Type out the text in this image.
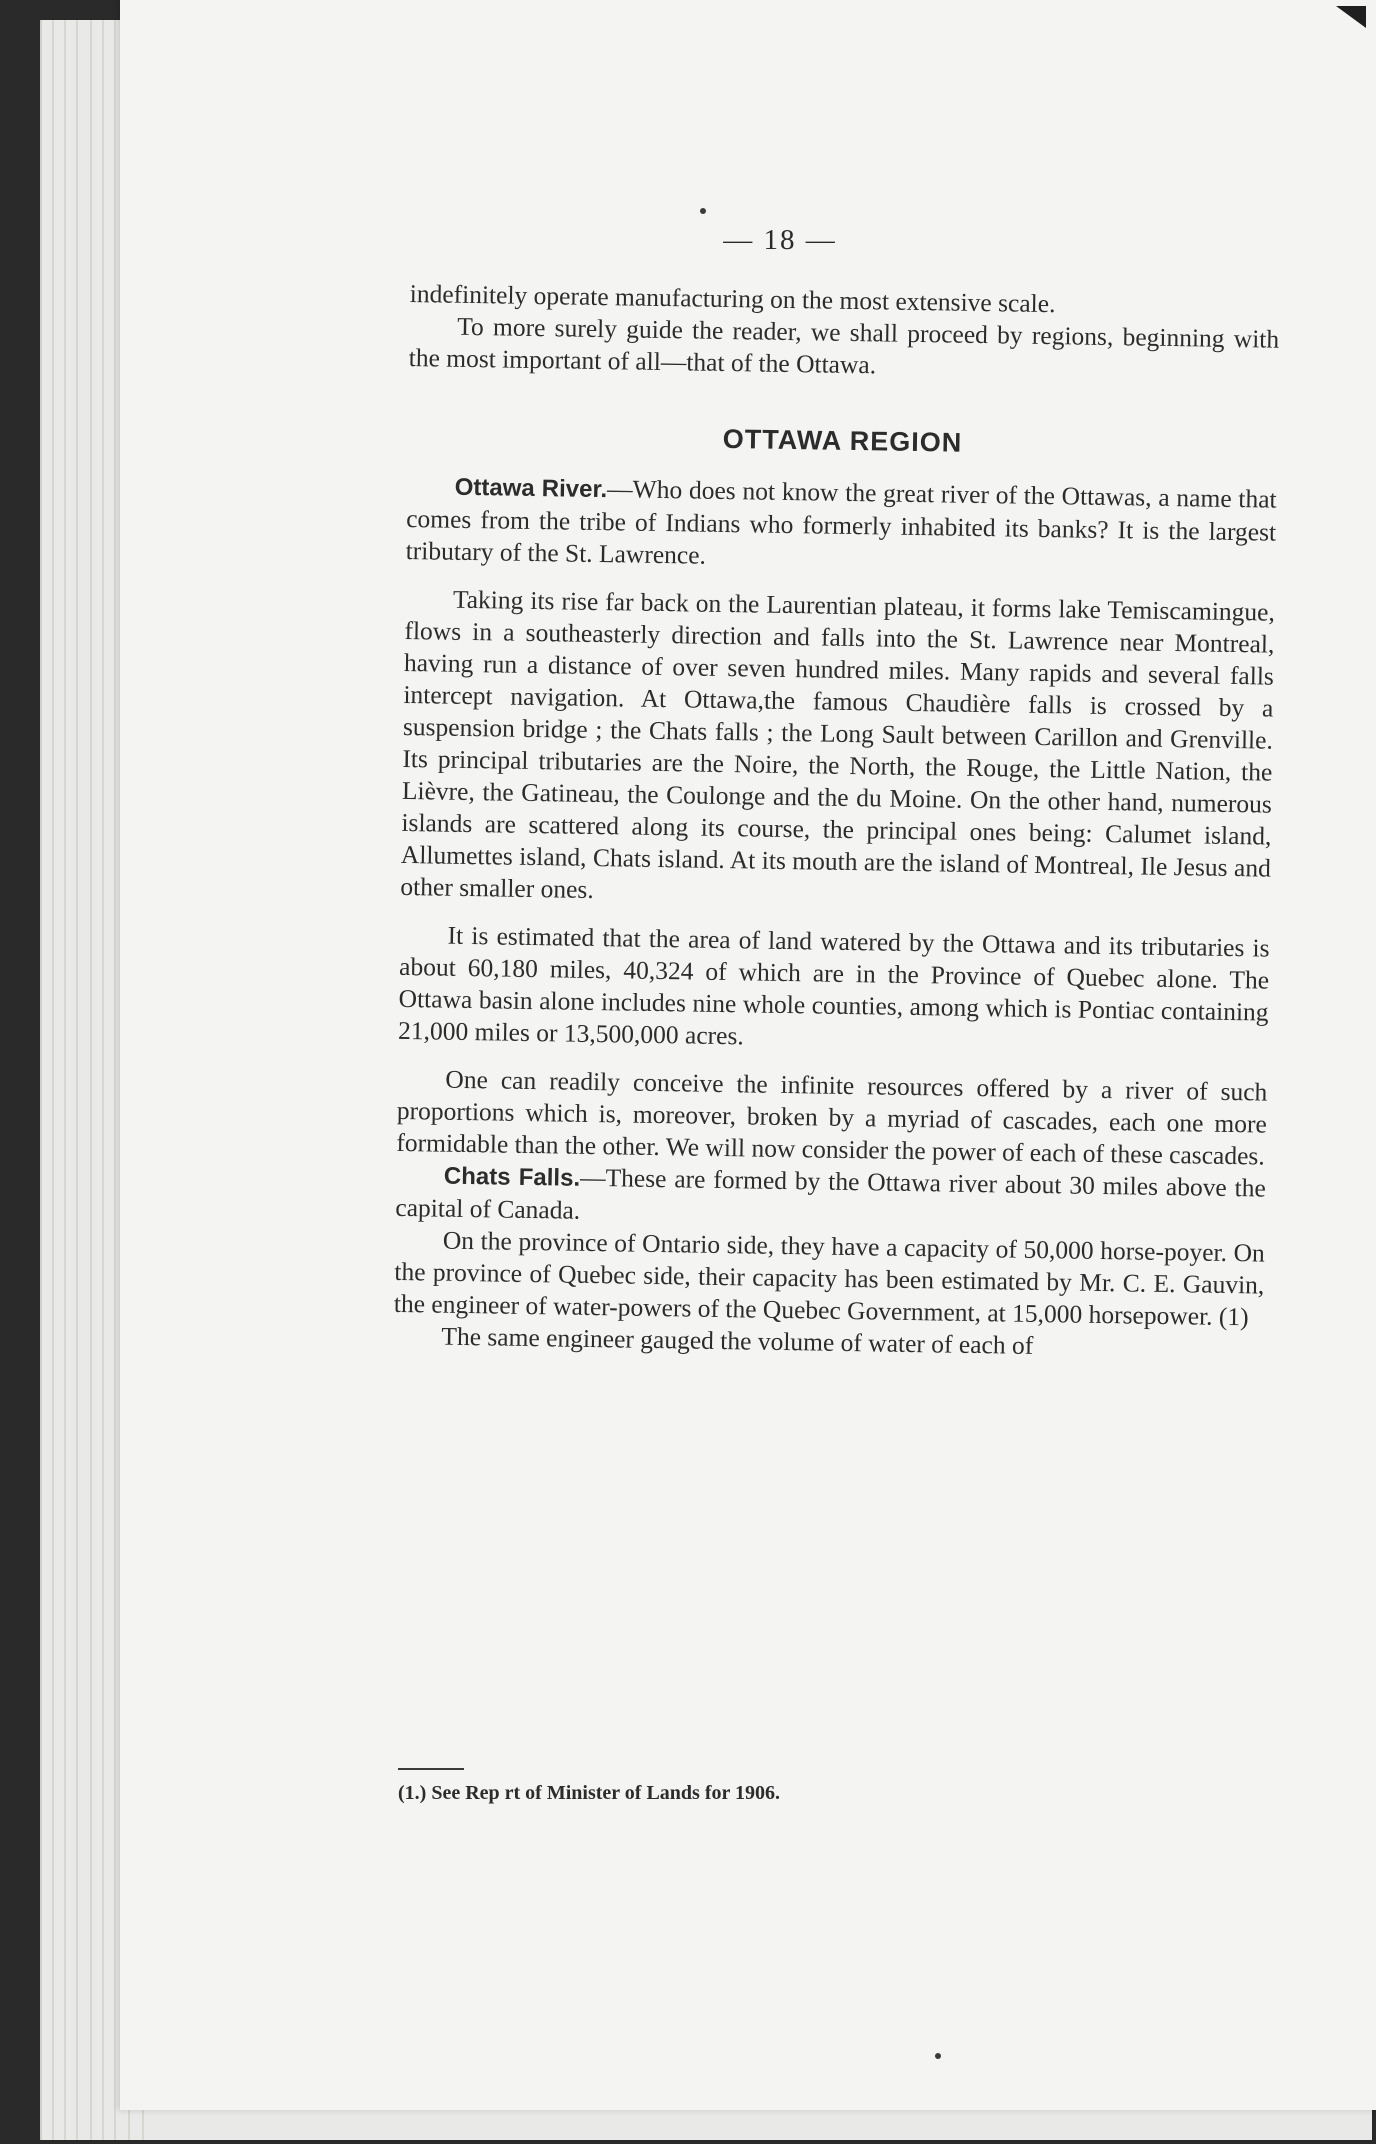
— 18 —

indefinitely operate manufacturing on the most extensive scale.

To more surely guide the reader, we shall proceed by regions, beginning with the most important of all—that of the Ottawa.

OTTAWA REGION

Ottawa River.—Who does not know the great river of the Ottawas, a name that comes from the tribe of Indians who formerly inhabited its banks? It is the largest tributary of the St. Lawrence.

Taking its rise far back on the Laurentian plateau, it forms lake Temiscamingue, flows in a southeasterly direction and falls into the St. Lawrence near Montreal, having run a distance of over seven hundred miles. Many rapids and several falls intercept navigation. At Ottawa,the famous Chaudière falls is crossed by a suspension bridge ; the Chats falls ; the Long Sault between Carillon and Grenville. Its principal tributaries are the Noire, the North, the Rouge, the Little Nation, the Lièvre, the Gatineau, the Coulonge and the du Moine. On the other hand, numerous islands are scattered along its course, the principal ones being: Calumet island, Allumettes island, Chats island. At its mouth are the island of Montreal, Ile Jesus and other smaller ones.

It is estimated that the area of land watered by the Ottawa and its tributaries is about 60,180 miles, 40,324 of which are in the Province of Quebec alone. The Ottawa basin alone includes nine whole counties, among which is Pontiac containing 21,000 miles or 13,500,000 acres.

One can readily conceive the infinite resources offered by a river of such proportions which is, moreover, broken by a myriad of cascades, each one more formidable than the other. We will now consider the power of each of these cascades.

Chats Falls.—These are formed by the Ottawa river about 30 miles above the capital of Canada.

On the province of Ontario side, they have a capacity of 50,000 horse-poyer. On the province of Quebec side, their capacity has been estimated by Mr. C. E. Gauvin, the engineer of water-powers of the Quebec Government, at 15,000 horsepower. (1)

The same engineer gauged the volume of water of each of

(1.) See Rep rt of Minister of Lands for 1906.
